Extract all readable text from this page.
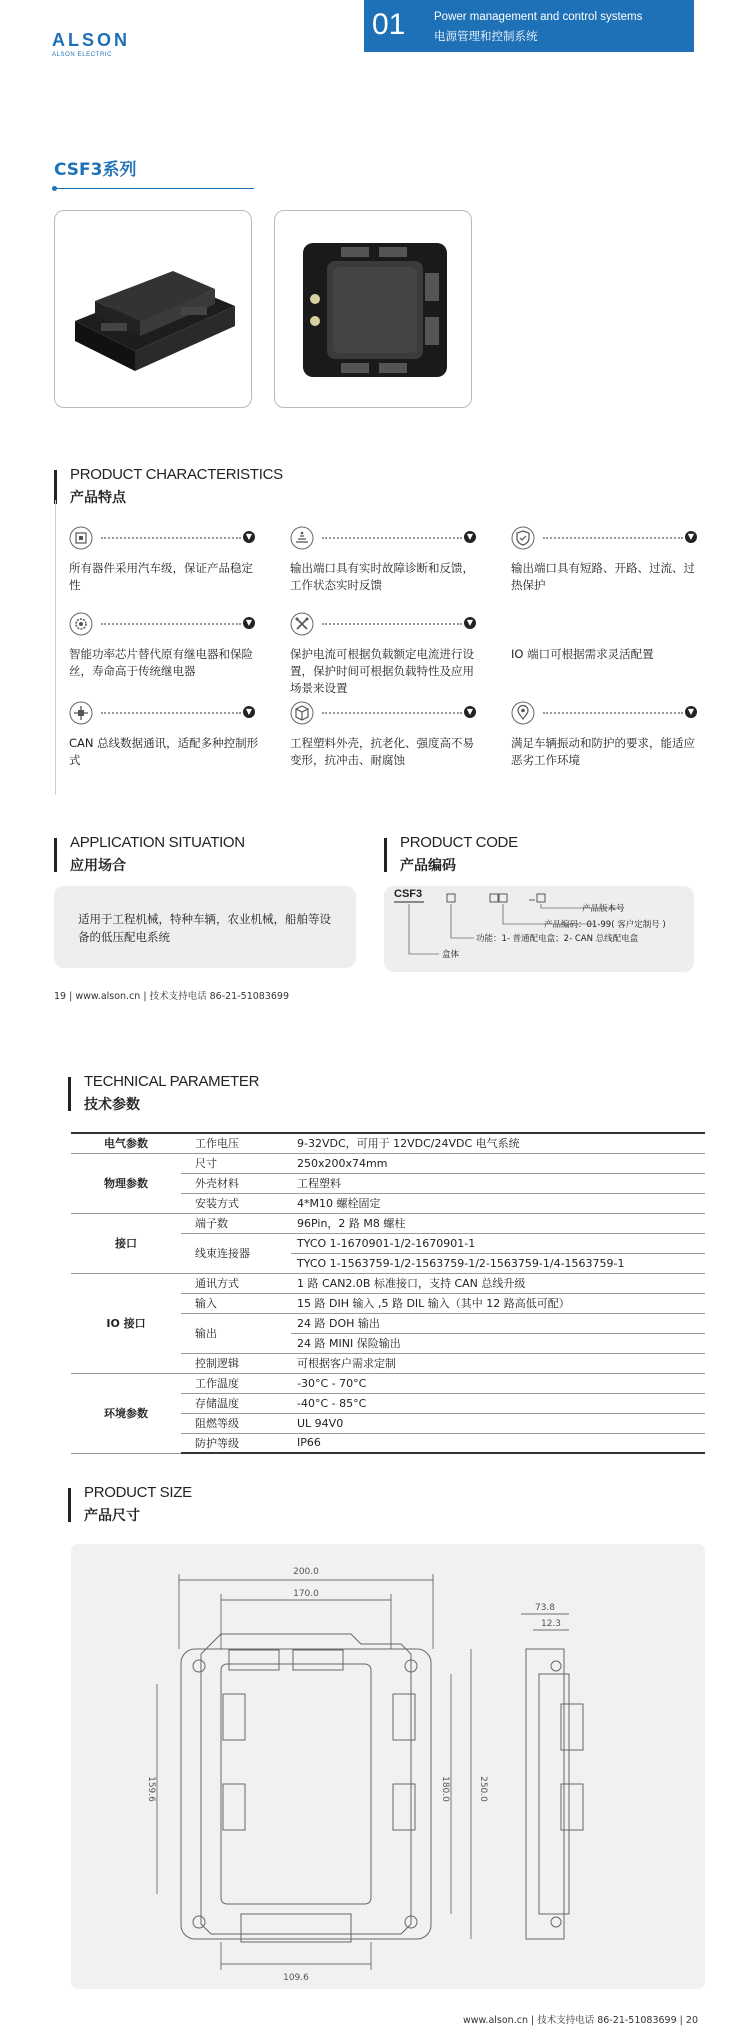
ALSON
ALSON ELECTRIC
01 Power management and control systems
电源管理和控制系统
CSF3系列
PRODUCT CHARACTERISTICS
产品特点
▼
所有器件采用汽车级，保证产品稳定性
▼
输出端口具有实时故障诊断和反馈，工作状态实时反馈
▼
输出端口具有短路、开路、过流、过热保护
▼
智能功率芯片替代原有继电器和保险丝，寿命高于传统继电器
▼
保护电流可根据负载额定电流进行设置，保护时间可根据负载特性及应用场景来设置
IO 端口可根据需求灵活配置
▼
CAN 总线数据通讯，适配多种控制形式
▼
工程塑料外壳，抗老化、强度高不易变形，抗冲击、耐腐蚀
▼
满足车辆振动和防护的要求，能适应恶劣工作环境
APPLICATION SITUATION
应用场合
适用于工程机械，特种车辆，农业机械，船舶等设备的低压配电系统
PRODUCT CODE
产品编码
CSF3
产品版本号
产品编码：01-99( 客户定制号 )
功能：1- 普通配电盒；2- CAN 总线配电盒
盒体
19 | www.alson.cn | 技术支持电话 86-21-51083699
TECHNICAL PARAMETER
技术参数
电气参数	工作电压	9-32VDC，可用于 12VDC/24VDC 电气系统
物理参数	尺寸	250x200x74mm
	外壳材料	工程塑料
	安装方式	4*M10 螺栓固定
接口	端子数	96Pin，2 路 M8 螺柱
	线束连接器	TYCO 1-1670901-1/2-1670901-1
		TYCO 1-1563759-1/2-1563759-1/2-1563759-1/4-1563759-1
IO 接口	通讯方式	1 路 CAN2.0B 标准接口，支持 CAN 总线升级
	输入	15 路 DIH 输入 ,5 路 DIL 输入（其中 12 路高低可配）
	输出	24 路 DOH 输出
		24 路 MINI 保险输出
	控制逻辑	可根据客户需求定制
环境参数	工作温度	-30°C - 70°C
	存储温度	-40°C - 85°C
	阻燃等级	UL 94V0
	防护等级	IP66
PRODUCT SIZE
产品尺寸
200.0
170.0
159.6	180.0	250.0
109.6
73.8
12.3
www.alson.cn | 技术支持电话 86-21-51083699 | 20
